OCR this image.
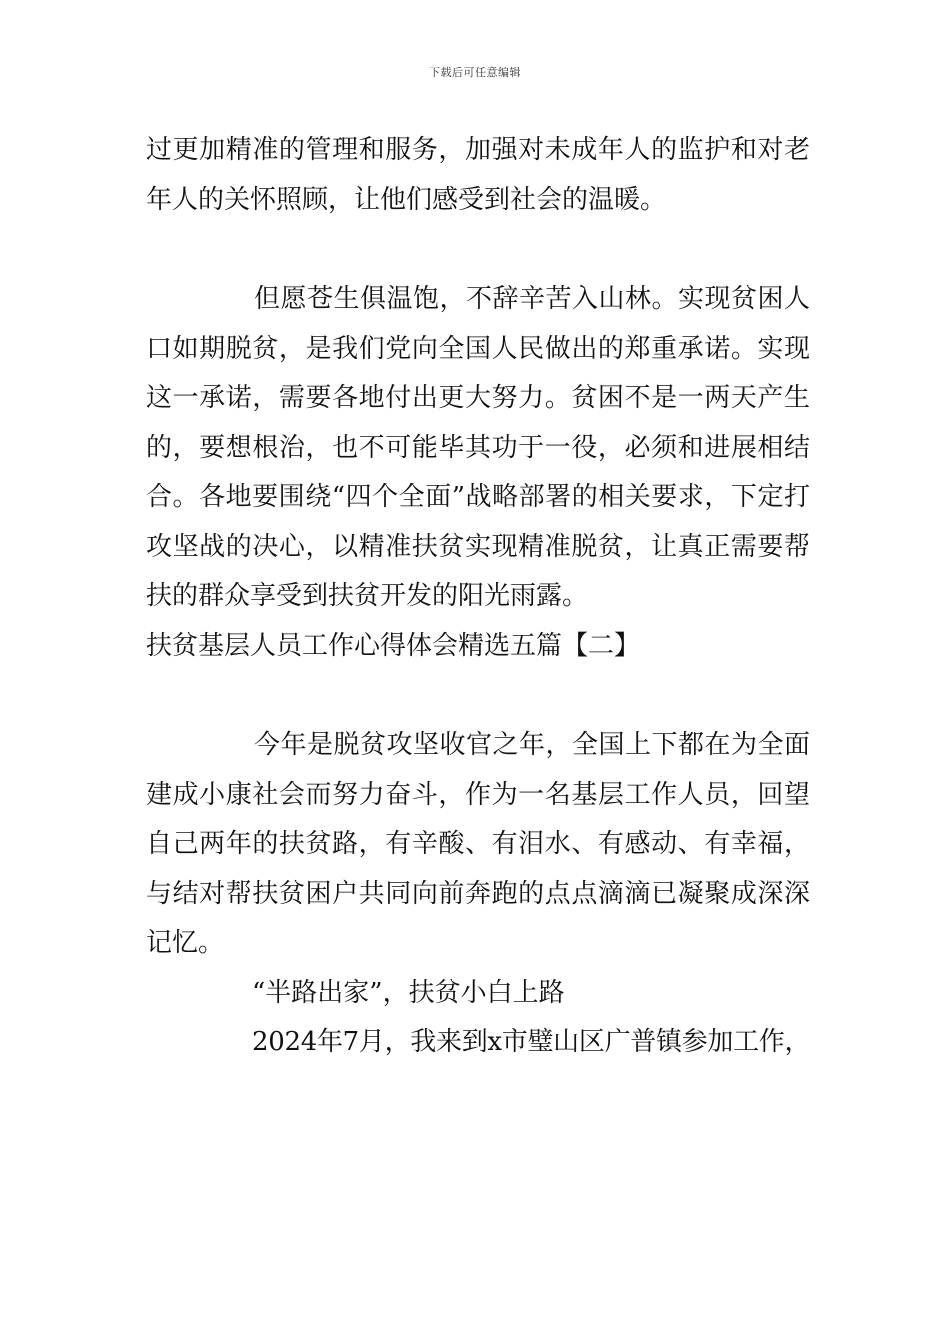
下载后可任意编辑

过更加精准的管理和服务，加强对未成年人的监护和对老年人的关怀照顾，让他们感受到社会的温暖。

但愿苍生俱温饱，不辞辛苦入山林。实现贫困人口如期脱贫，是我们党向全国人民做出的郑重承诺。实现这一承诺，需要各地付出更大努力。贫困不是一两天产生的，要想根治，也不可能毕其功于一役，必须和进展相结合。各地要围绕“四个全面”战略部署的相关要求，下定打攻坚战的决心，以精准扶贫实现精准脱贫，让真正需要帮扶的群众享受到扶贫开发的阳光雨露。

扶贫基层人员工作心得体会精选五篇【二】

今年是脱贫攻坚收官之年，全国上下都在为全面建成小康社会而努力奋斗，作为一名基层工作人员，回望自己两年的扶贫路，有辛酸、有泪水、有感动、有幸福，与结对帮扶贫困户共同向前奔跑的点点滴滴已凝聚成深深记忆。

“半路出家”，扶贫小白上路

2024年7月，我来到x市璧山区广普镇参加工作，
